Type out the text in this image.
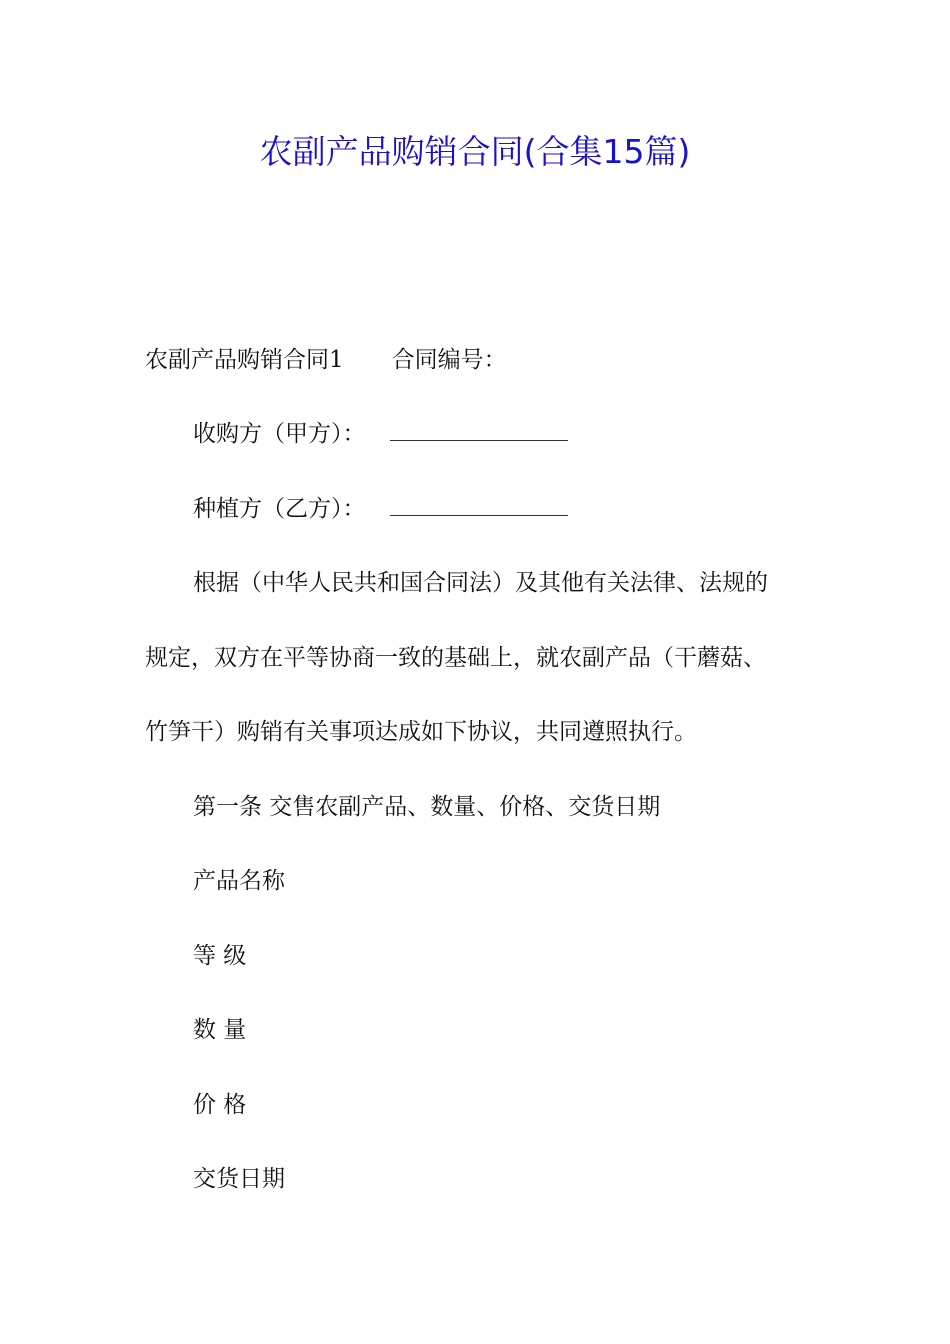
农副产品购销合同(合集15篇)
农副产品购销合同1 合同编号：
收购方（甲方）：
种植方（乙方）：
根据（中华人民共和国合同法）及其他有关法律、法规的
规定，双方在平等协商一致的基础上，就农副产品（干蘑菇、
竹笋干）购销有关事项达成如下协议，共同遵照执行。
第一条 交售农副产品、数量、价格、交货日期
产品名称
等 级
数 量
价 格
交货日期
